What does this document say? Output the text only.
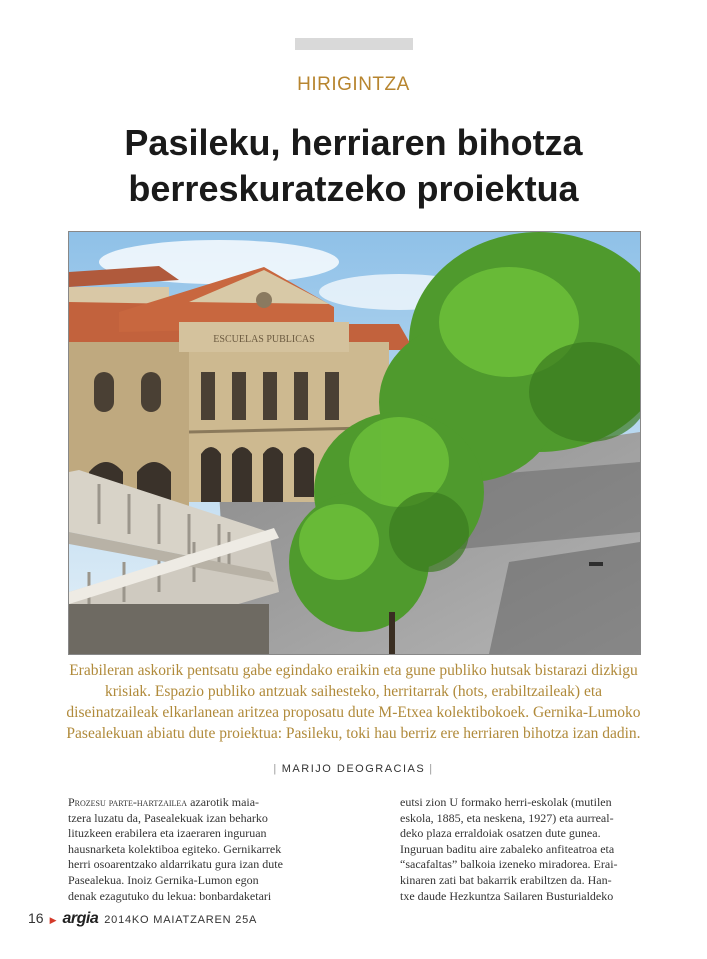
HIRIGINTZA
Pasileku, herriaren bihotza
berreskuratzeko proiektua
ESCUELAS PUBLICAS
Erabileran askorik pentsatu gabe egindako eraikin eta gune publiko hutsak bistarazi dizkigu
krisiak. Espazio publiko antzuak saihesteko, herritarrak (hots, erabiltzaileak) eta
diseinatzaileak elkarlanean aritzea proposatu dute M-Etxea kolektibokoek. Gernika-Lumoko
Pasealekuan abiatu dute proiektua: Pasileku, toki hau berriz ere herriaren bihotza izan dadin.
| MARIJO DEOGRACIAS |
Prozesu parte-hartzailea azarotik maia-
tzera luzatu da, Pasealekuak izan beharko
lituzkeen erabilera eta izaeraren inguruan
hausnarketa kolektiboa egiteko. Gernikarrek
herri osoarentzako aldarrikatu gura izan dute
Pasealekua. Inoiz Gernika-Lumon egon
denak ezagutuko du lekua: bonbardaketari
eutsi zion U formako herri-eskolak (mutilen
eskola, 1885, eta neskena, 1927) eta aurreal-
deko plaza erraldoiak osatzen dute gunea.
Inguruan baditu aire zabaleko anfiteatroa eta
“sacafaltas” balkoia izeneko miradorea. Erai-
kinaren zati bat bakarrik erabiltzen da. Han-
txe daude Hezkuntza Sailaren Busturialdeko
16 ▶ argia 2014KO MAIATZAREN 25A
